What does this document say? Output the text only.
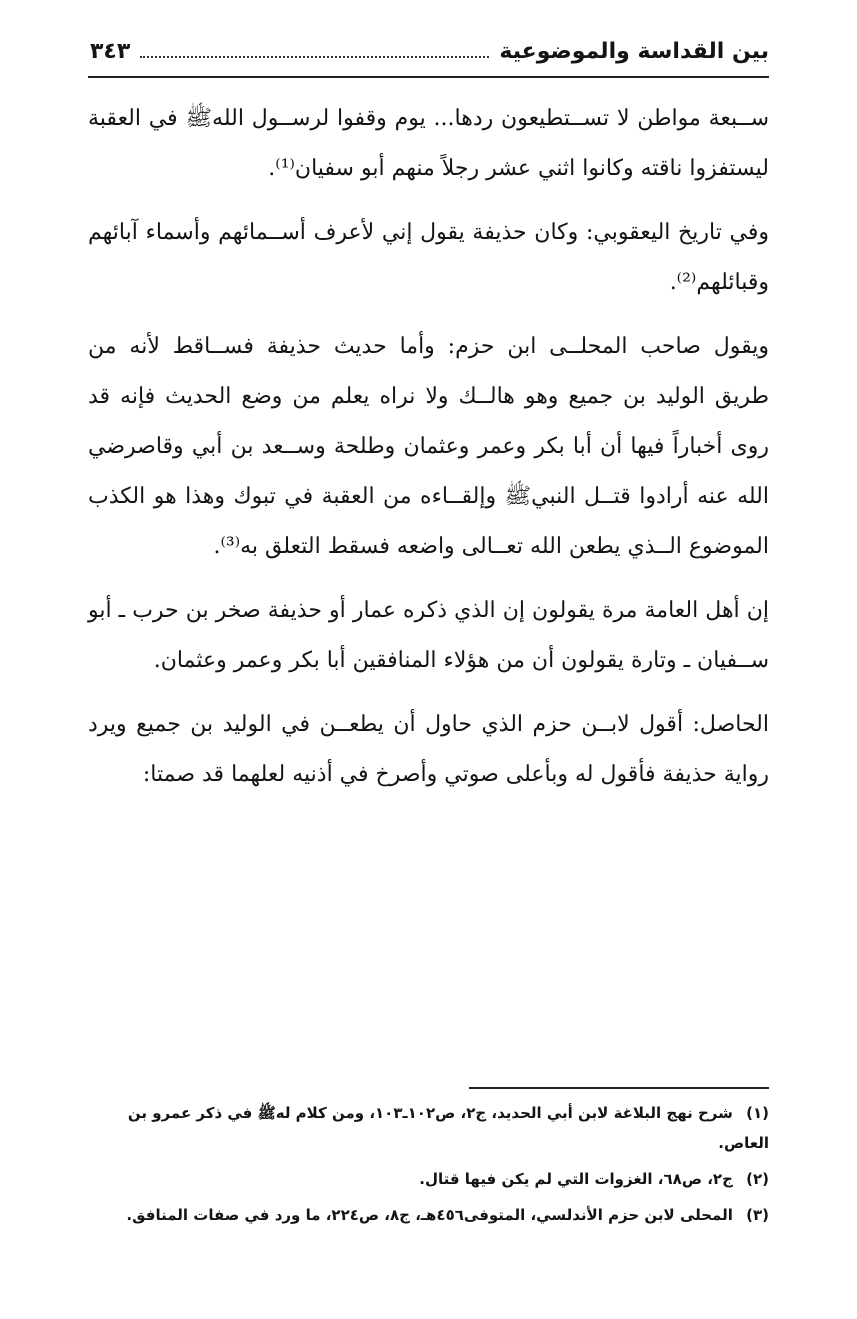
بين القداسة والموضوعية
٣٤٣

ســبعة مواطن لا تســتطيعون ردها... يوم وقفوا لرســول اللهﷺ في العقبة ليستفزوا ناقته وكانوا اثني عشر رجلاً منهم أبو سفيان⁽¹⁾.

وفي تاريخ اليعقوبي: وكان حذيفة يقول إني لأعرف أســمائهم وأسماء آبائهم وقبائلهم⁽²⁾.

ويقول صاحب المحلــى ابن حزم: وأما حديث حذيفة فســاقط لأنه من طريق الوليد بن جميع وهو هالــك ولا نراه يعلم من وضع الحديث فإنه قد روى أخباراً فيها أن أبا بكر وعمر وعثمان وطلحة وســعد بن أبي وقاصرضي الله عنه أرادوا قتــل النبيﷺ وإلقــاءه من العقبة في تبوك وهذا هو الكذب الموضوع الــذي يطعن الله تعــالى واضعه فسقط التعلق به⁽³⁾.

إن أهل العامة مرة يقولون إن الذي ذكره عمار أو حذيفة صخر بن حرب ـ أبو ســفيان ـ وتارة يقولون أن من هؤلاء المنافقين أبا بكر وعمر وعثمان.

الحاصل: أقول لابــن حزم الذي حاول أن يطعــن في الوليد بن جميع ويرد رواية حذيفة فأقول له وبأعلى صوتي وأصرخ في أذنيه لعلهما قد صمتا:

(١) شرح نهج البلاغة لابن أبي الحديد، ج٢، ص١٠٢ـ١٠٣، ومن كلام لهﷺ في ذكر عمرو بن العاص.

(٢) ج٢، ص٦٨، الغزوات التي لم يكن فيها قتال.

(٣) المحلى لابن حزم الأندلسي، المتوفى٤٥٦هـ، ج٨، ص٢٢٤، ما ورد في صفات المنافق.
